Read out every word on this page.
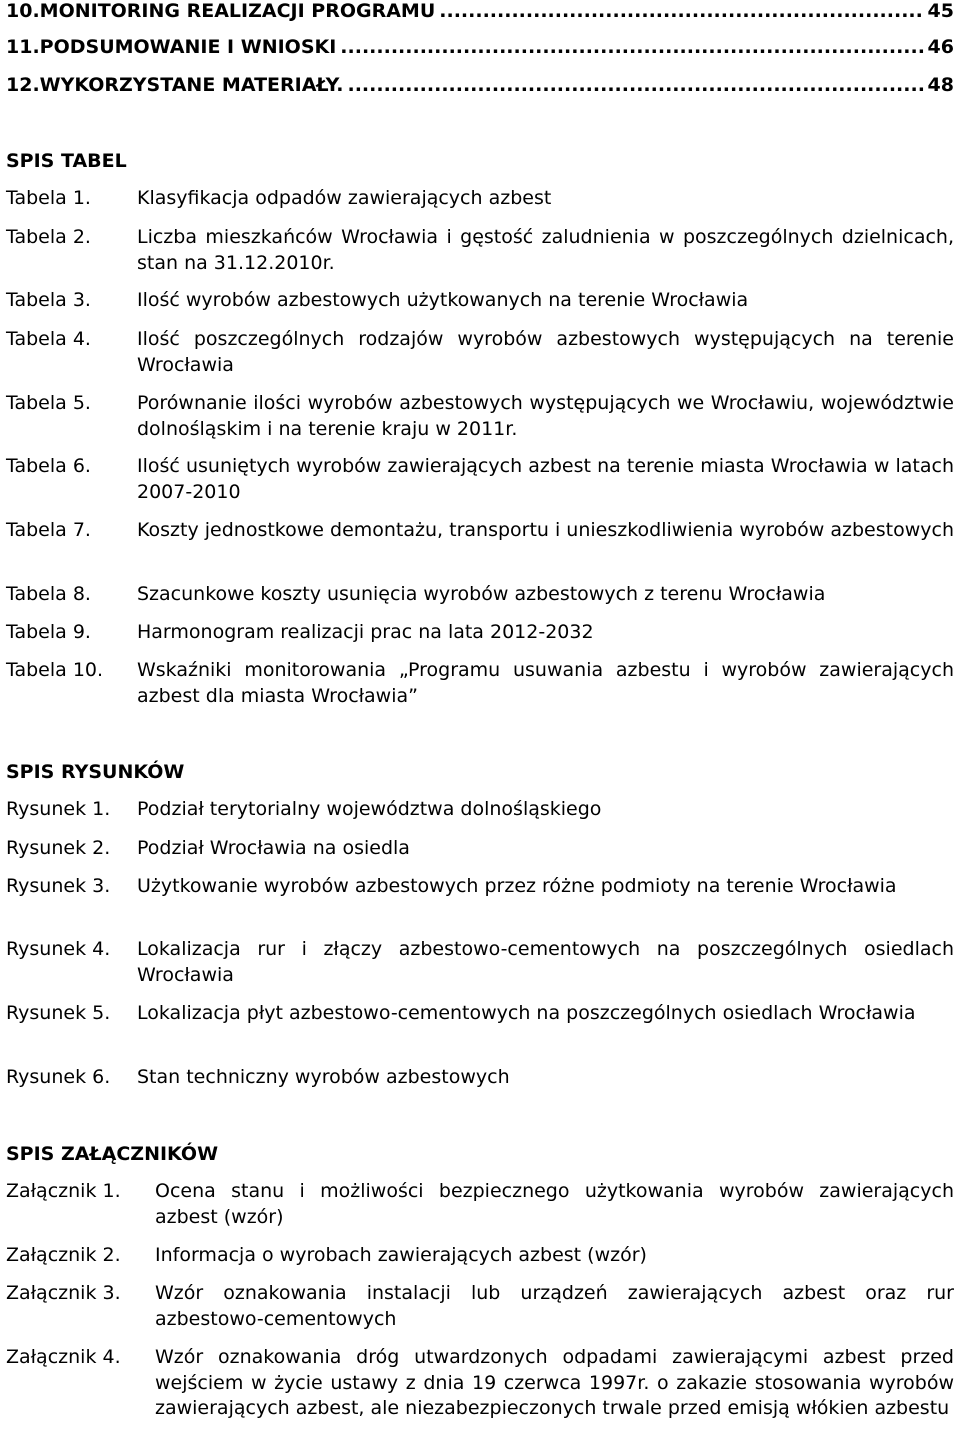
10.MONITORING REALIZACJI PROGRAMU .....	45
11.PODSUMOWANIE I WNIOSKI .....	46
12.WYKORZYSTANE MATERIAŁY. .....	48
SPIS TABEL
Tabela 1. Klasyfikacja odpadów zawierających azbest
Tabela 2. Liczba mieszkańców Wrocławia i gęstość zaludnienia w poszczególnych dzielnicach, stan na 31.12.2010r.
Tabela 3. Ilość wyrobów azbestowych użytkowanych na terenie Wrocławia
Tabela 4. Ilość poszczególnych rodzajów wyrobów azbestowych występujących na terenie Wrocławia
Tabela 5. Porównanie ilości wyrobów azbestowych występujących we Wrocławiu, województwie dolnośląskim i na terenie kraju w 2011r.
Tabela 6. Ilość usuniętych wyrobów zawierających azbest na terenie miasta Wrocławia w latach 2007-2010
Tabela 7. Koszty jednostkowe demontażu, transportu i unieszkodliwienia wyrobów azbestowych
Tabela 8. Szacunkowe koszty usunięcia wyrobów azbestowych z terenu Wrocławia
Tabela 9. Harmonogram realizacji prac na lata 2012-2032
Tabela 10. Wskaźniki monitorowania „Programu usuwania azbestu i wyrobów zawierających azbest dla miasta Wrocławia”
SPIS RYSUNKÓW
Rysunek 1. Podział terytorialny województwa dolnośląskiego
Rysunek 2. Podział Wrocławia na osiedla
Rysunek 3. Użytkowanie wyrobów azbestowych przez różne podmioty na terenie Wrocławia
Rysunek 4. Lokalizacja rur i złączy azbestowo-cementowych na poszczególnych osiedlach Wrocławia
Rysunek 5. Lokalizacja płyt azbestowo-cementowych na poszczególnych osiedlach Wrocławia
Rysunek 6. Stan techniczny wyrobów azbestowych
SPIS ZAŁĄCZNIKÓW
Załącznik 1. Ocena stanu i możliwości bezpiecznego użytkowania wyrobów zawierających azbest (wzór)
Załącznik 2. Informacja o wyrobach zawierających azbest (wzór)
Załącznik 3. Wzór oznakowania instalacji lub urządzeń zawierających azbest oraz rur azbestowo-cementowych
Załącznik 4. Wzór oznakowania dróg utwardzonych odpadami zawierającymi azbest przed wejściem w życie ustawy z dnia 19 czerwca 1997r. o zakazie stosowania wyrobów zawierających azbest, ale niezabezpieczonych trwale przed emisją włókien azbestu
